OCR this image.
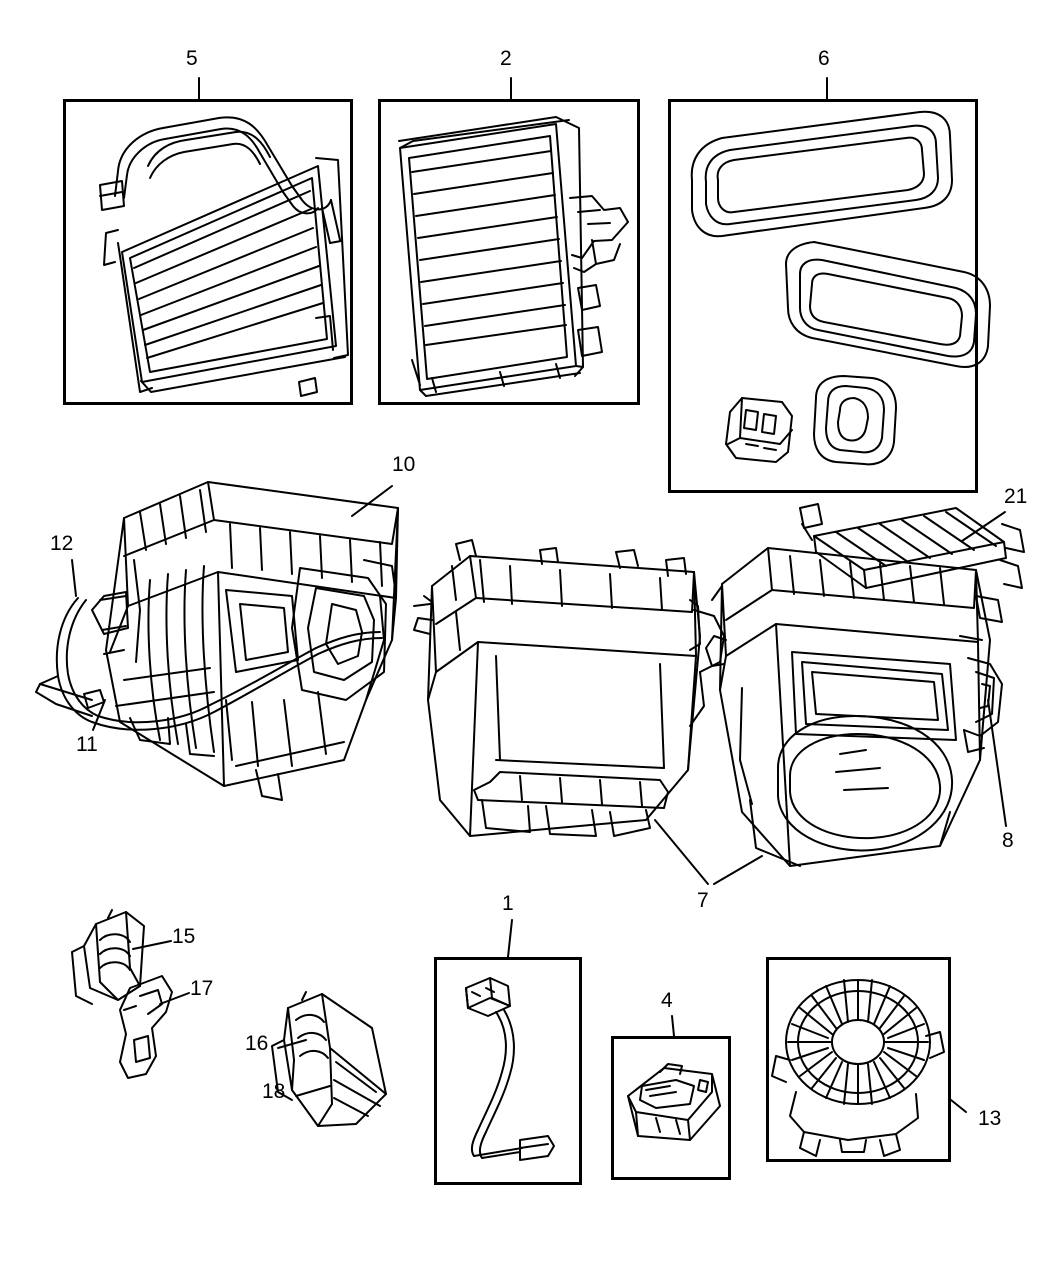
5	2	6
10
12
11
21
8
7
1
15
17
16
18
4
13
